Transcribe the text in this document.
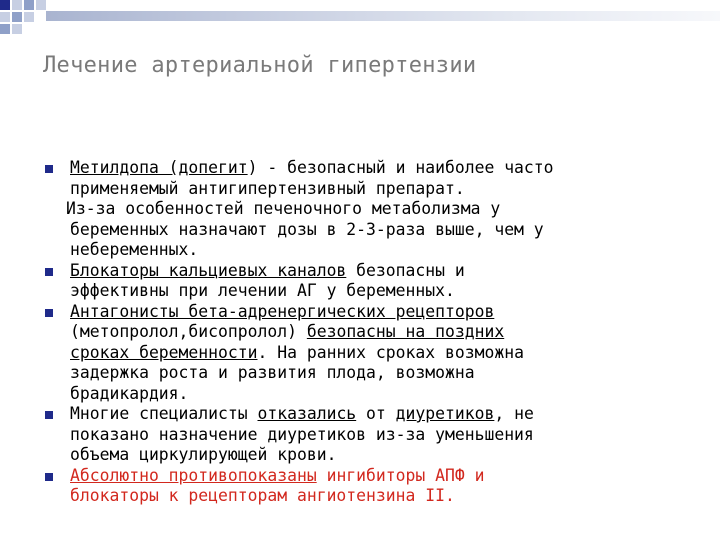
Лечение артериальной гипертензии
Метилдопа (допегит) - безопасный и наиболее часто
применяемый антигипертензивный препарат.
Из-за особенностей печеночного метаболизма у
беременных назначают дозы в 2-3-раза выше, чем у
небеременных.
Блокаторы кальциевых каналов безопасны и
эффективны при лечении АГ у беременных.
Антагонисты бета-адренергических рецепторов
(метопролол,бисопролол) безопасны на поздних
сроках беременности. На ранних сроках возможна
задержка роста и развития плода, возможна
брадикардия.
Многие специалисты отказались от диуретиков, не
показано назначение диуретиков из-за уменьшения
объема циркулирующей крови.
Абсолютно противопоказаны ингибиторы АПФ и
блокаторы к рецепторам ангиотензина II.
